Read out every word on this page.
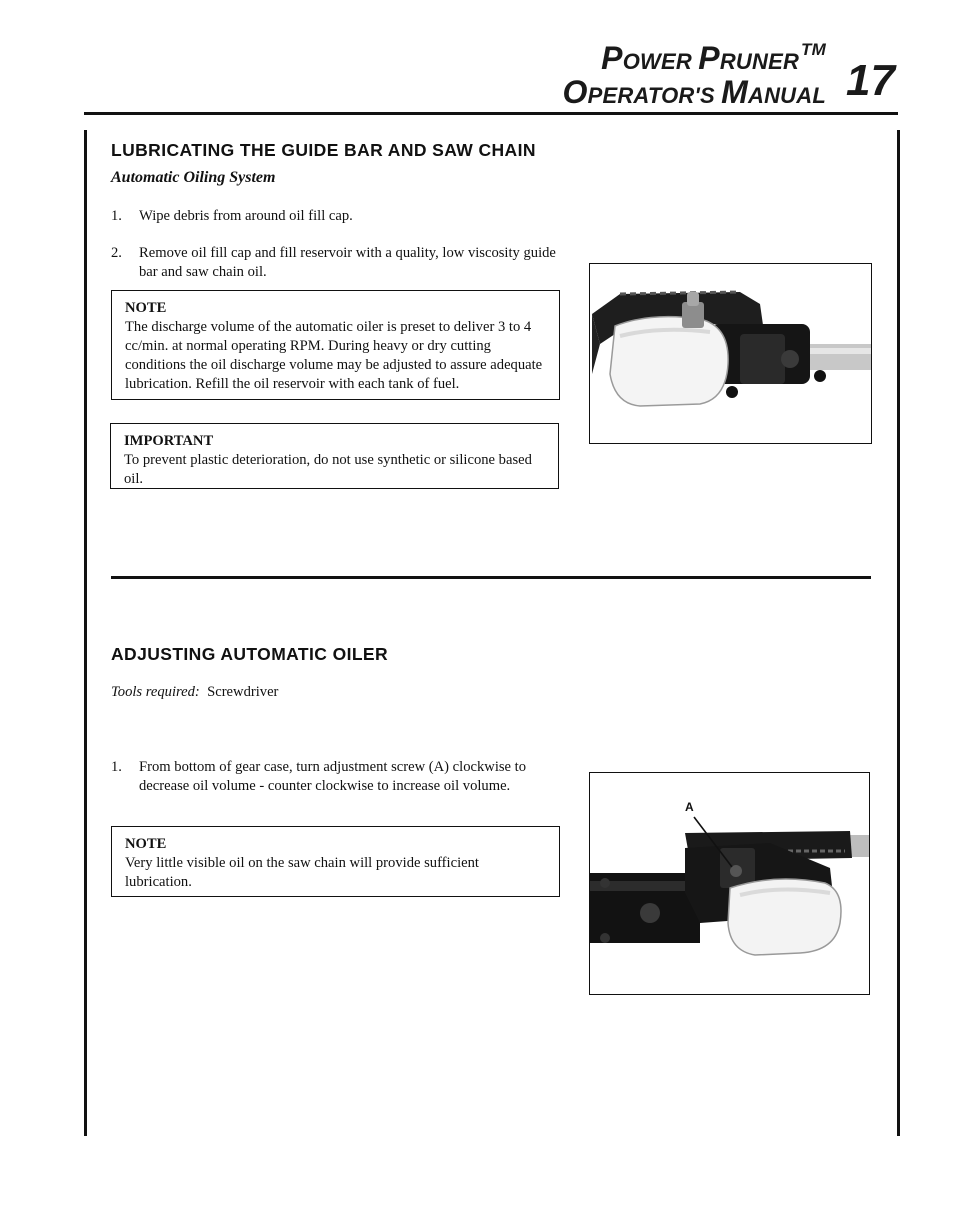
POWER PRUNER ™
OPERATOR'S MANUAL 17
LUBRICATING THE GUIDE BAR AND SAW CHAIN
Automatic Oiling System
1. Wipe debris from around oil fill cap.
2. Remove oil fill cap and fill reservoir with a quality, low viscosity guide bar and saw chain oil.
NOTE
The discharge volume of the automatic oiler is preset to deliver 3 to 4 cc/min. at normal operating RPM. During heavy or dry cutting conditions the oil discharge volume may be adjusted to assure adequate lubrication. Refill the oil reservoir with each tank of fuel.
IMPORTANT
To prevent plastic deterioration, do not use synthetic or silicone based oil.
ADJUSTING AUTOMATIC OILER
Tools required: Screwdriver
1. From bottom of gear case, turn adjustment screw (A) clockwise to decrease oil volume - counter clockwise to increase oil volume.
NOTE
Very little visible oil on the saw chain will provide sufficient lubrication.
A
